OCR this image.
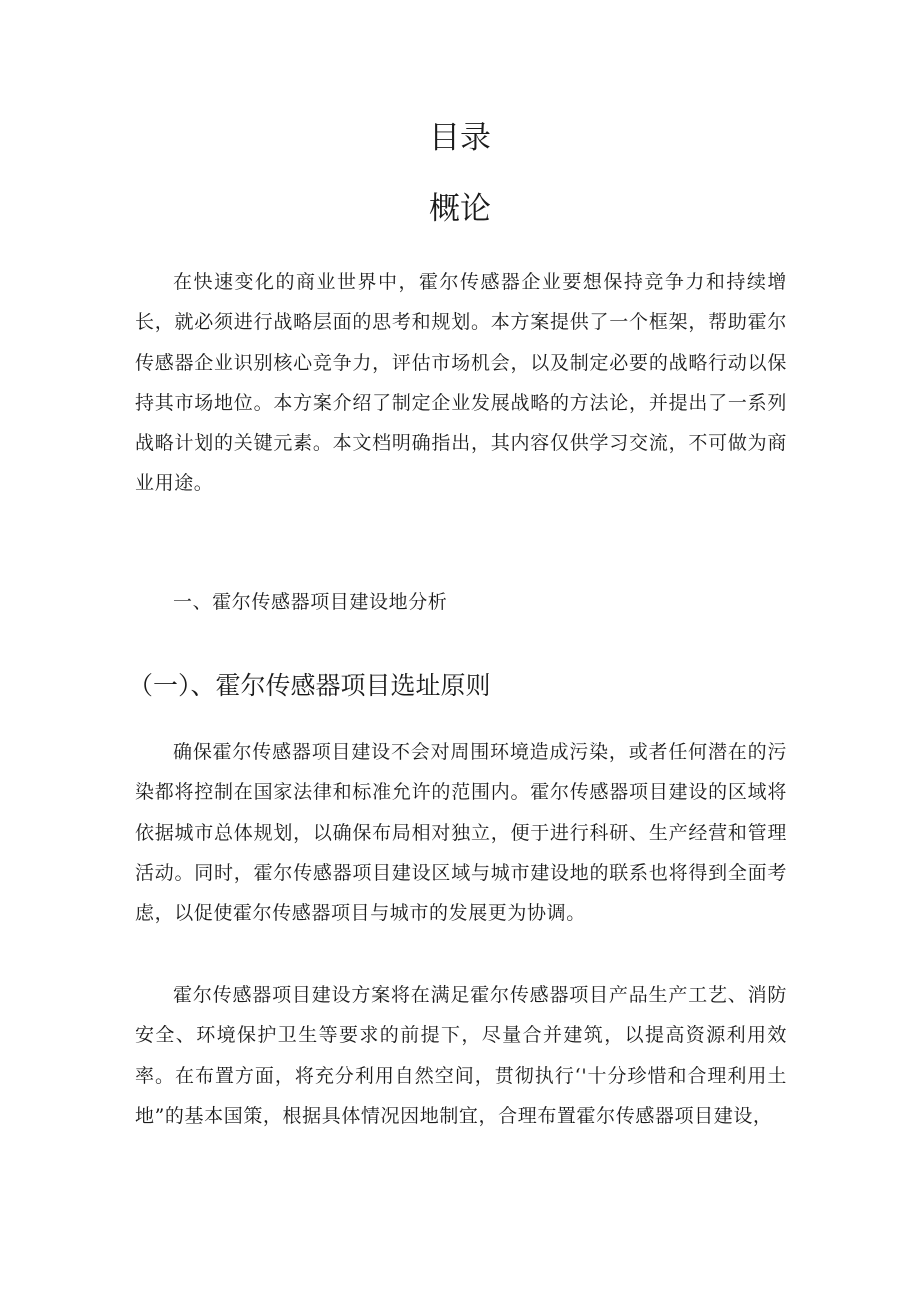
目录
概论

在快速变化的商业世界中，霍尔传感器企业要想保持竞争力和持续增长，就必须进行战略层面的思考和规划。本方案提供了一个框架，帮助霍尔传感器企业识别核心竞争力，评估市场机会，以及制定必要的战略行动以保持其市场地位。本方案介绍了制定企业发展战略的方法论，并提出了一系列战略计划的关键元素。本文档明确指出，其内容仅供学习交流，不可做为商业用途。

一、霍尔传感器项目建设地分析
（一）、霍尔传感器项目选址原则

确保霍尔传感器项目建设不会对周围环境造成污染，或者任何潜在的污染都将控制在国家法律和标准允许的范围内。霍尔传感器项目建设的区域将依据城市总体规划，以确保布局相对独立，便于进行科研、生产经营和管理活动。同时，霍尔传感器项目建设区域与城市建设地的联系也将得到全面考虑，以促使霍尔传感器项目与城市的发展更为协调。

霍尔传感器项目建设方案将在满足霍尔传感器项目产品生产工艺、消防安全、环境保护卫生等要求的前提下，尽量合并建筑，以提高资源利用效率。在布置方面，将充分利用自然空间，贯彻执行‘'十分珍惜和合理利用土地”的基本国策，根据具体情况因地制宜，合理布置霍尔传感器项目建设，
